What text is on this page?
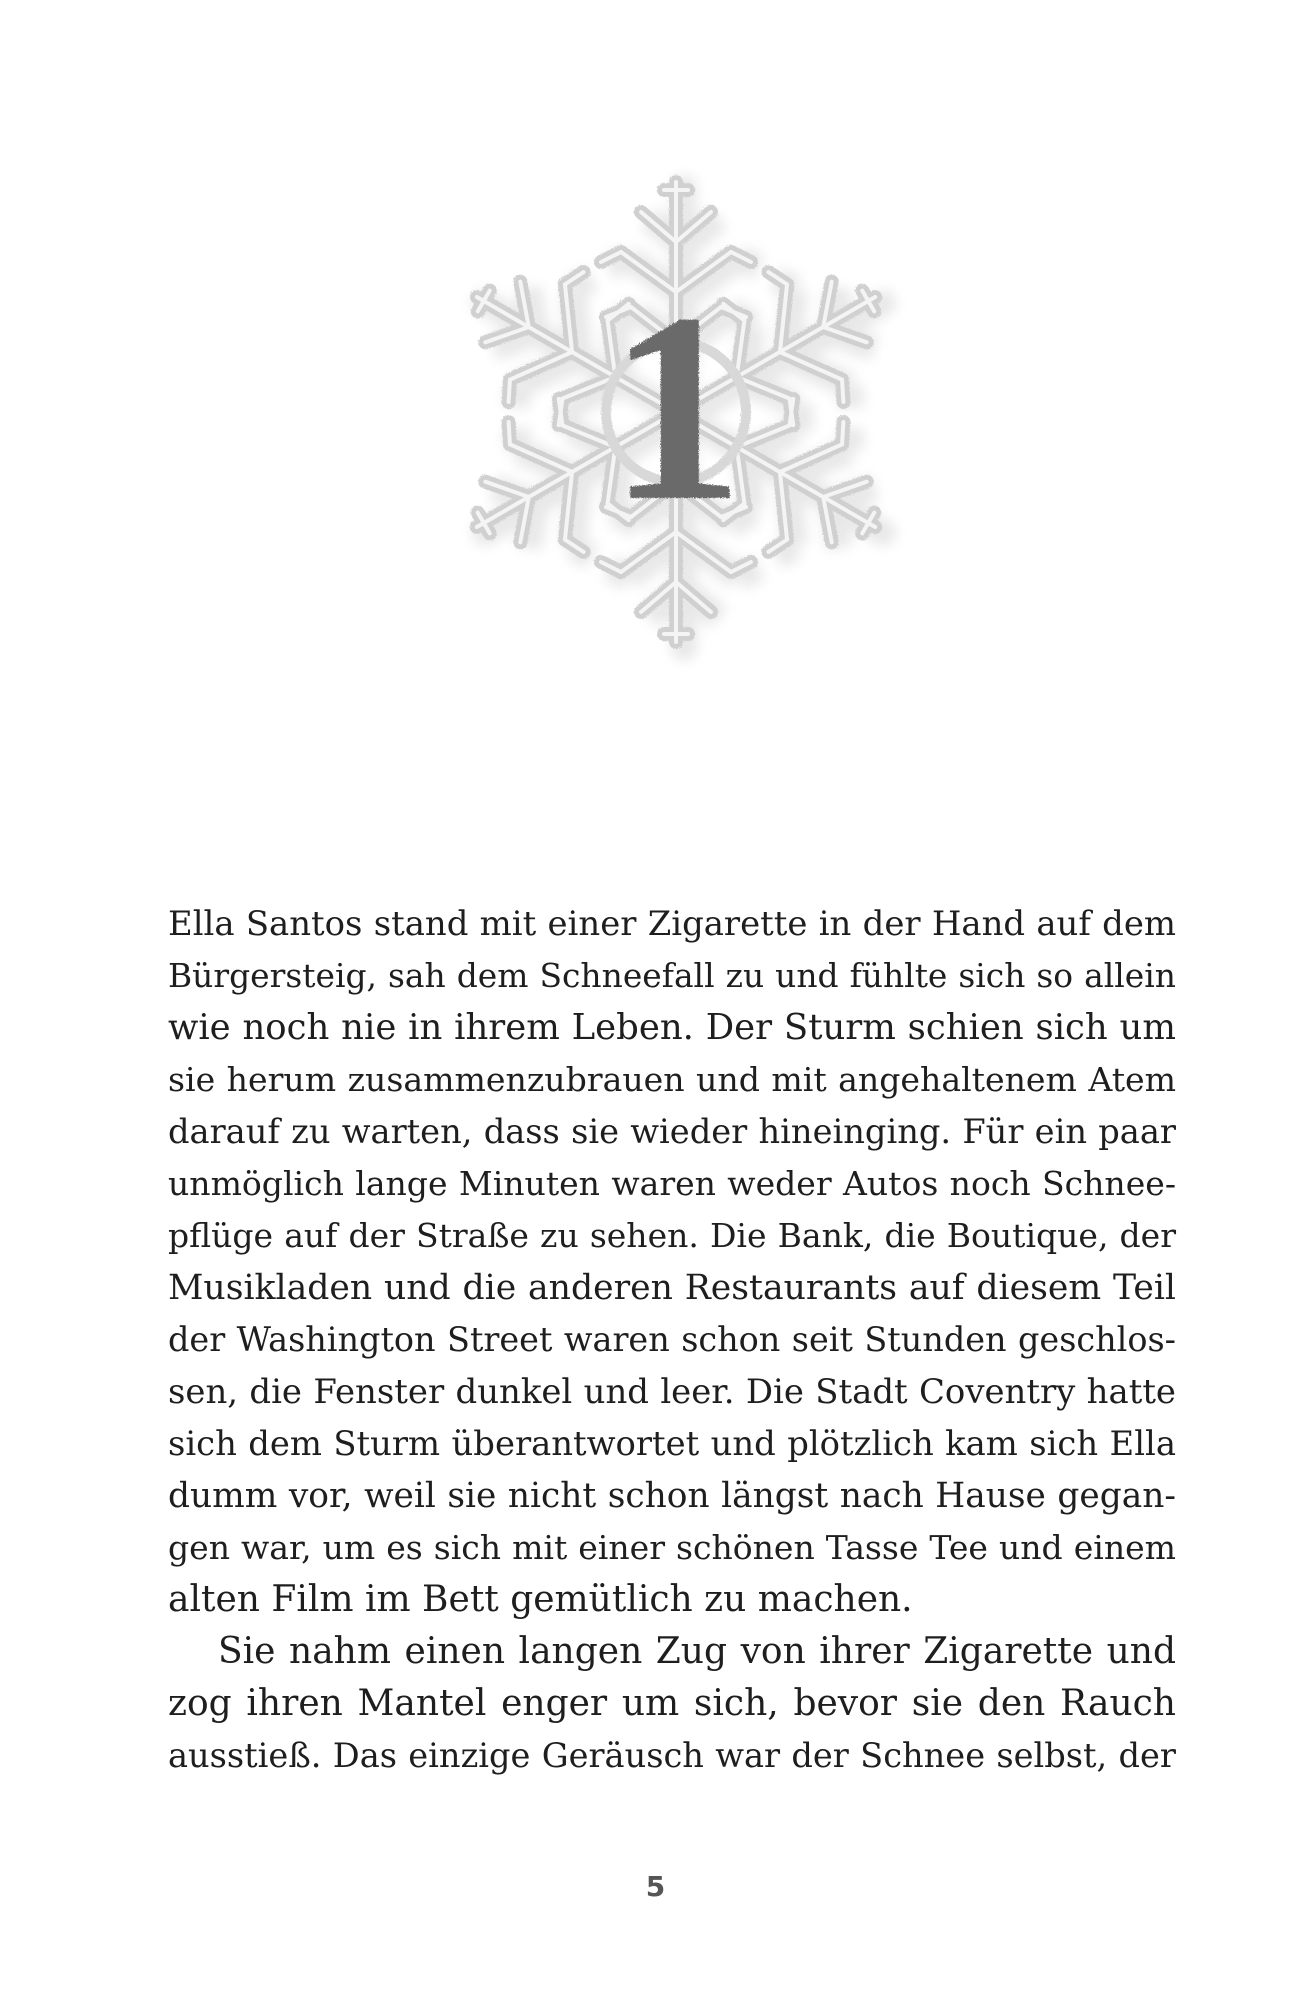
1
Ella Santos stand mit einer Zigarette in der Hand auf dem
Bürgersteig, sah dem Schneefall zu und fühlte sich so allein
wie noch nie in ihrem Leben. Der Sturm schien sich um
sie herum zusammenzubrauen und mit angehaltenem Atem
darauf zu warten, dass sie wieder hineinging. Für ein paar
unmöglich lange Minuten waren weder Autos noch Schnee-
pflüge auf der Straße zu sehen. Die Bank, die Boutique, der
Musikladen und die anderen Restaurants auf diesem Teil
der Washington Street waren schon seit Stunden geschlos-
sen, die Fenster dunkel und leer. Die Stadt Coventry hatte
sich dem Sturm überantwortet und plötzlich kam sich Ella
dumm vor, weil sie nicht schon längst nach Hause gegan-
gen war, um es sich mit einer schönen Tasse Tee und einem
alten Film im Bett gemütlich zu machen.
Sie nahm einen langen Zug von ihrer Zigarette und
zog ihren Mantel enger um sich, bevor sie den Rauch
ausstieß. Das einzige Geräusch war der Schnee selbst, der
5
